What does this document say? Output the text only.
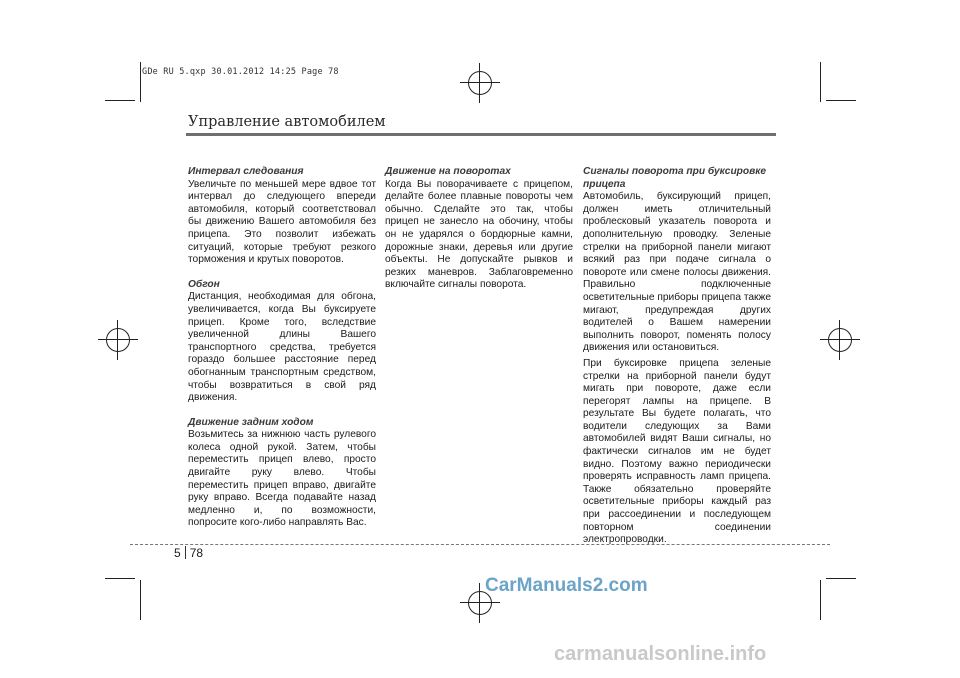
GDe RU 5.qxp 30.01.2012 14:25 Page 78
Управление автомобилем
Интервал следования

Увеличьте по меньшей мере вдвое тот интервал до следующего впереди автомобиля, который соответствовал бы движению Вашего автомобиля без прицепа. Это позволит избежать ситуаций, которые требуют резкого торможения и крутых поворотов.

Обгон

Дистанция, необходимая для обгона, увеличивается, когда Вы буксируете прицеп. Кроме того, вследствие увеличенной длины Вашего транспортного средства, требуется гораздо большее расстояние перед обогнанным транспортным средством, чтобы возвратиться в свой ряд движения.

Движение задним ходом

Возьмитесь за нижнюю часть рулевого колеса одной рукой. Затем, чтобы переместить прицеп влево, просто двигайте руку влево. Чтобы переместить прицеп вправо, двигайте руку вправо. Всегда подавайте назад медленно и, по возможности, попросите кого-либо направлять Вас.

Движение на поворотах

Когда Вы поворачиваете с прицепом, делайте более плавные повороты чем обычно. Сделайте это так, чтобы прицеп не занесло на обочину, чтобы он не ударялся о бордюрные камни, дорожные знаки, деревья или другие объекты. Не допускайте рывков и резких маневров. Заблаговременно включайте сигналы поворота.

Сигналы поворота при буксировке прицепа

Автомобиль, буксирующий прицеп, должен иметь отличительный проблесковый указатель поворота и дополнительную проводку. Зеленые стрелки на приборной панели мигают всякий раз при подаче сигнала о повороте или смене полосы движения. Правильно подключенные осветительные приборы прицепа также мигают, предупреждая других водителей о Вашем намерении выполнить поворот, поменять полосу движения или остановиться.

При буксировке прицепа зеленые стрелки на приборной панели будут мигать при повороте, даже если перегорят лампы на прицепе. В результате Вы будете полагать, что водители следующих за Вами автомобилей видят Ваши сигналы, но фактически сигналов им не будет видно. Поэтому важно периодически проверять исправность ламп прицепа. Также обязательно проверяйте осветительные приборы каждый раз при рассоединении и последующем повторном соединении электропроводки.

5 78
CarManuals2.com
carmanualsonline.info
